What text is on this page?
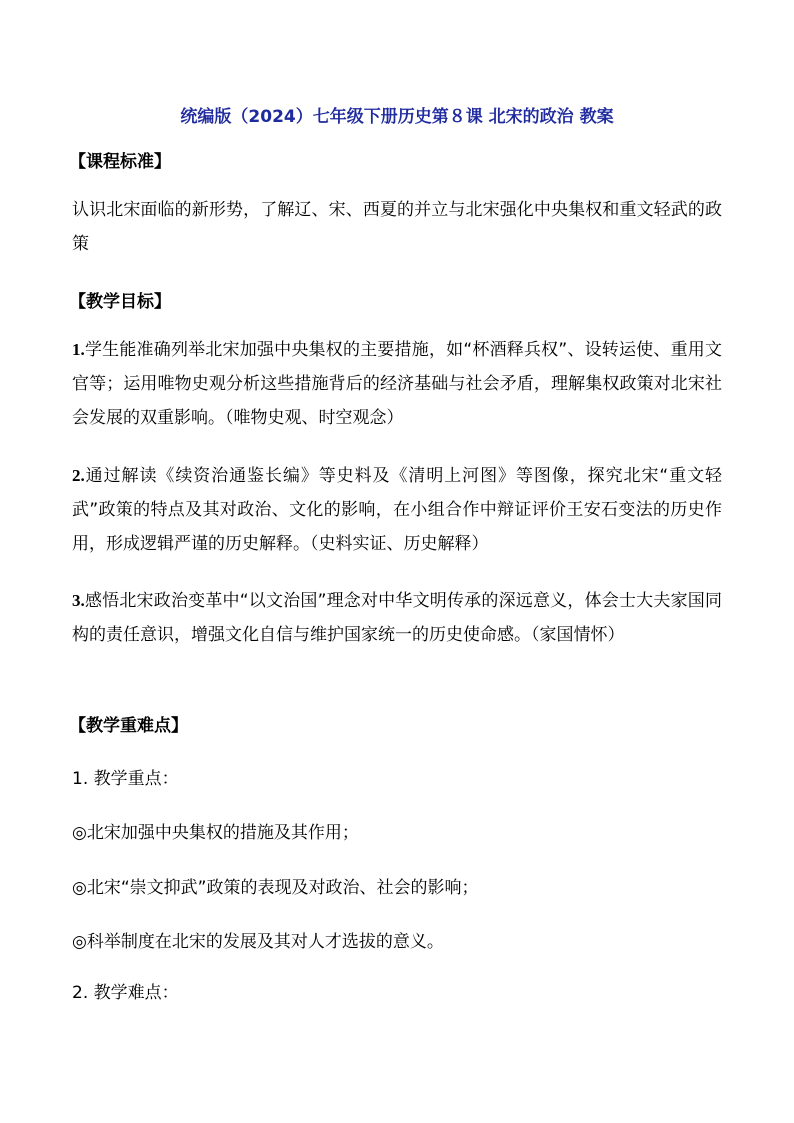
统编版（2024）七年级下册历史第８课 北宋的政治 教案
【课程标准】
认识北宋面临的新形势，了解辽、宋、西夏的并立与北宋强化中央集权和重文轻武的政策
【教学目标】
1.学生能准确列举北宋加强中央集权的主要措施，如“杯酒释兵权”、设转运使、重用文官等；运用唯物史观分析这些措施背后的经济基础与社会矛盾，理解集权政策对北宋社会发展的双重影响。（唯物史观、时空观念）
2.通过解读《续资治通鉴长编》等史料及《清明上河图》等图像，探究北宋“重文轻武”政策的特点及其对政治、文化的影响，在小组合作中辩证评价王安石变法的历史作用，形成逻辑严谨的历史解释。（史料实证、历史解释）
3.感悟北宋政治变革中“以文治国”理念对中华文明传承的深远意义，体会士大夫家国同构的责任意识，增强文化自信与维护国家统一的历史使命感。（家国情怀）
【教学重难点】
1. 教学重点：
◎北宋加强中央集权的措施及其作用；
◎北宋“崇文抑武”政策的表现及对政治、社会的影响；
◎科举制度在北宋的发展及其对人才选拔的意义。
2. 教学难点：
